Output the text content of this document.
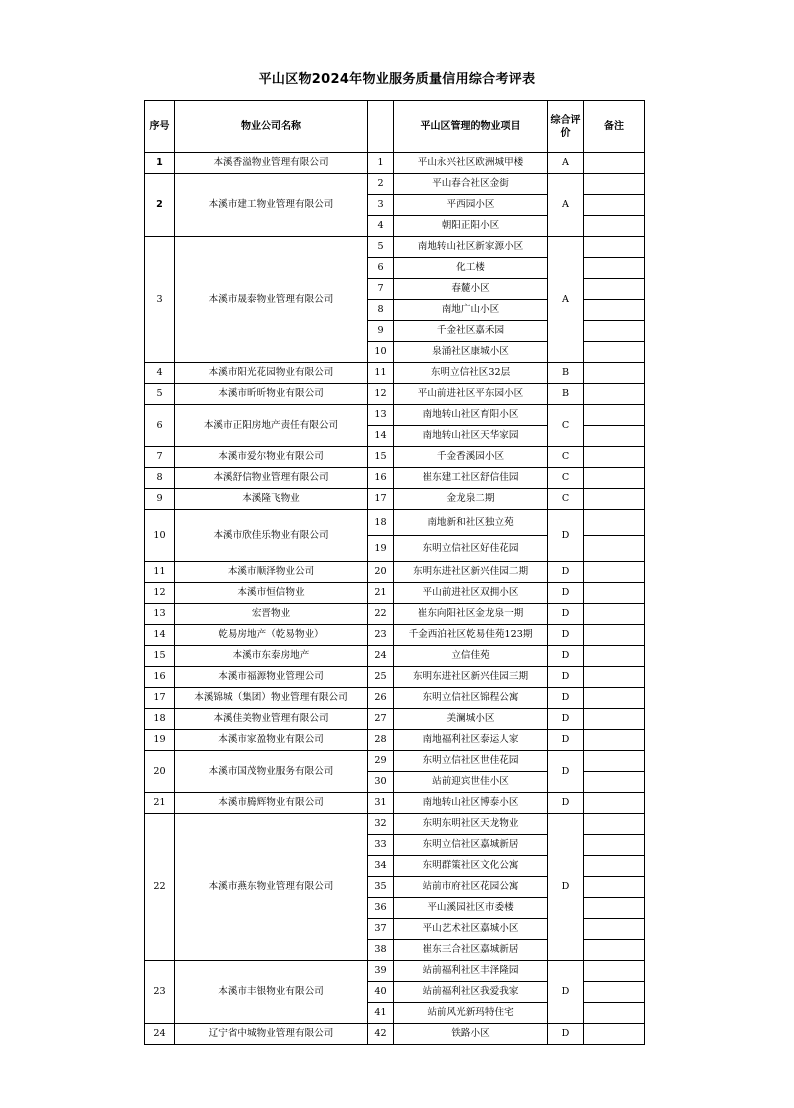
平山区物2024年物业服务质量信用综合考评表
序号	物业公司名称		平山区管理的物业项目	综合评价	备注
1	本溪香溢物业管理有限公司	1	平山永兴社区欧洲城甲楼	A	
2	本溪市建工物业管理有限公司	2	平山春合社区金街	A	
		3	平西园小区		
		4	朝阳正阳小区		
3	本溪市晟泰物业管理有限公司	5	南地转山社区新家源小区	A	
		6	化工楼		
		7	春麓小区		
		8	南地广山小区		
		9	千金社区嘉禾园		
		10	泉涌社区康城小区		
4	本溪市阳光花园物业有限公司	11	东明立信社区32层	B	
5	本溪市昕昕物业有限公司	12	平山前进社区平东园小区	B	
6	本溪市正阳房地产责任有限公司	13	南地转山社区育阳小区	C	
		14	南地转山社区天华家园		
7	本溪市爱尔物业有限公司	15	千金香溪园小区	C	
8	本溪舒信物业管理有限公司	16	崔东建工社区舒信佳园	C	
9	本溪隆飞物业	17	金龙泉二期	C	
10	本溪市欣佳乐物业有限公司	18	南地新和社区独立苑	D	
		19	东明立信社区好佳花园		
11	本溪市顺泽物业公司	20	东明东进社区新兴佳园二期	D	
12	本溪市恒信物业	21	平山前进社区双拥小区	D	
13	宏晋物业	22	崔东向阳社区金龙泉一期	D	
14	乾易房地产（乾易物业）	23	千金西泊社区乾易佳苑123期	D	
15	本溪市东泰房地产	24	立信佳苑	D	
16	本溪市福源物业管理公司	25	东明东进社区新兴佳园三期	D	
17	本溪锦城（集团）物业管理有限公司	26	东明立信社区锦程公寓	D	
18	本溪佳美物业管理有限公司	27	美澜城小区	D	
19	本溪市家盈物业有限公司	28	南地福利社区泰运人家	D	
20	本溪市国茂物业服务有限公司	29	东明立信社区世佳花园	D	
		30	站前迎宾世佳小区		
21	本溪市腾辉物业有限公司	31	南地转山社区博泰小区	D	
22	本溪市燕东物业管理有限公司	32	东明东明社区天龙物业	D	
		33	东明立信社区嘉城新居		
		34	东明群策社区文化公寓		
		35	站前市府社区花园公寓		
		36	平山溪园社区市委楼		
		37	平山艺术社区嘉城小区		
		38	崔东三合社区嘉城新居		
23	本溪市丰银物业有限公司	39	站前福利社区丰泽隆园	D	
		40	站前福利社区我爱我家		
		41	站前风光新玛特住宅		
24	辽宁省中城物业管理有限公司	42	铁路小区	D	
